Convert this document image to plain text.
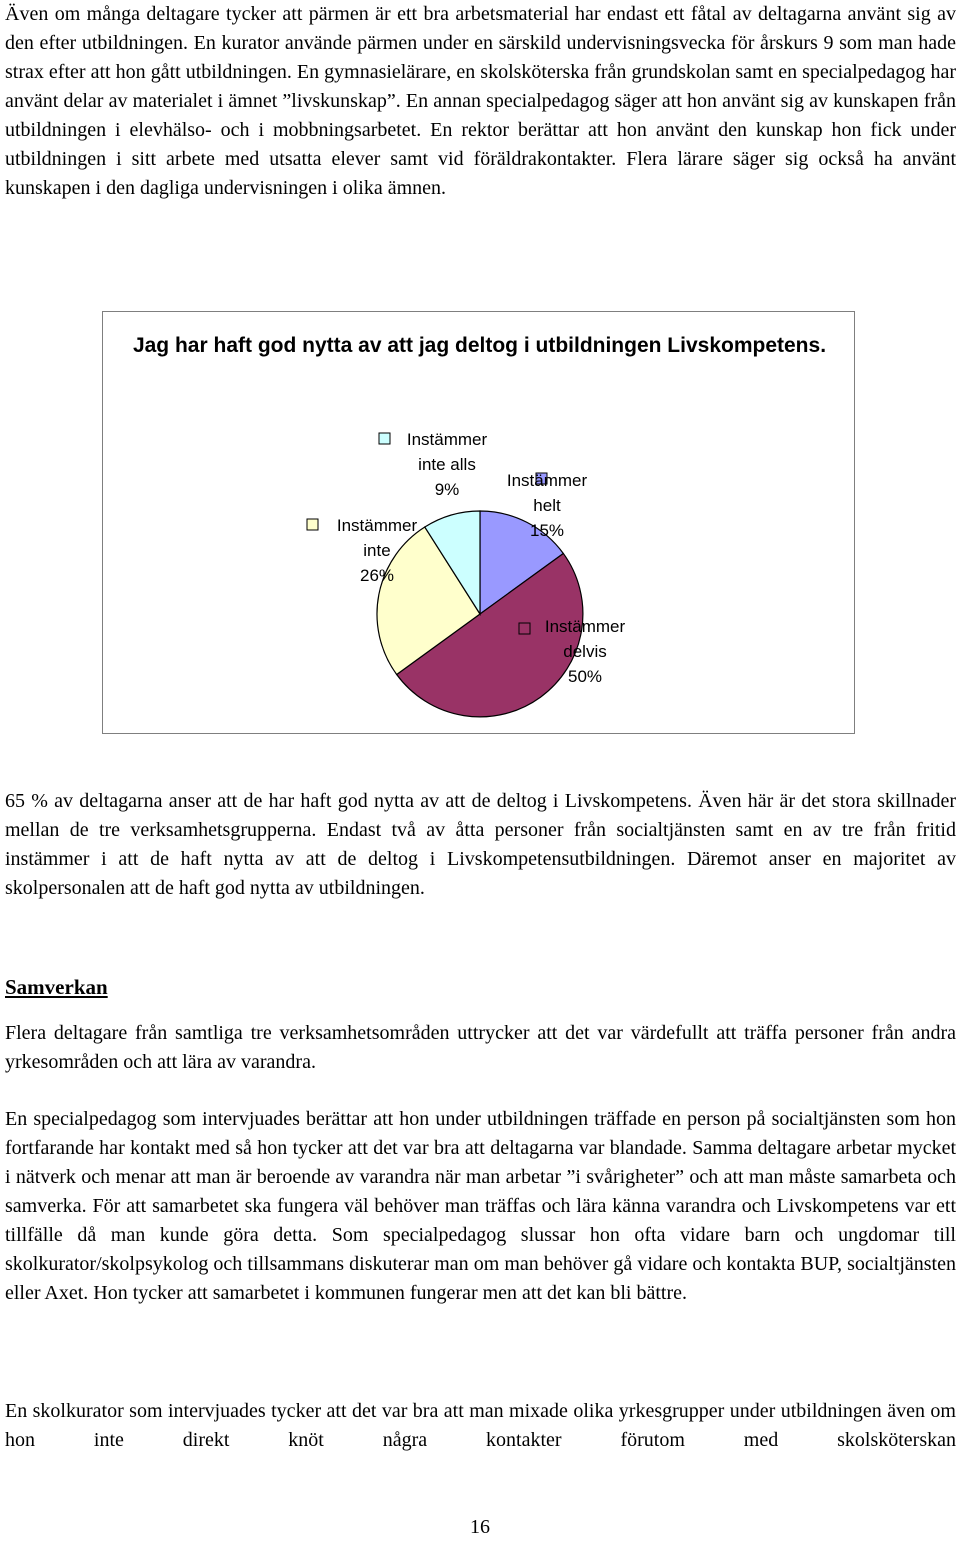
Även om många deltagare tycker att pärmen är ett bra arbetsmaterial har endast ett fåtal av deltagarna använt sig av den efter utbildningen. En kurator använde pärmen under en särskild undervisningsvecka för årskurs 9 som man hade strax efter att hon gått utbildningen. En gymnasielärare, en skolsköterska från grundskolan samt en specialpedagog har använt delar av materialet i ämnet ”livskunskap”. En annan specialpedagog säger att hon använt sig av kunskapen från utbildningen i elevhälso- och i mobbningsarbetet. En rektor berättar att hon använt den kunskap hon fick under utbildningen i sitt arbete med utsatta elever samt vid föräldrakontakter. Flera lärare säger sig också ha använt kunskapen i den dagliga undervisningen i olika ämnen.

Jag har haft god nytta av att jag deltog i utbildningen Livskompetens.
Instämmer helt 15%
Instämmer delvis 50%
Instämmer inte 26%
Instämmer inte alls 9%

65 % av deltagarna anser att de har haft god nytta av att de deltog i Livskompetens. Även här är det stora skillnader mellan de tre verksamhetsgrupperna. Endast två av åtta personer från socialtjänsten samt en av tre från fritid instämmer i att de haft nytta av att de deltog i Livskompetensutbildningen. Däremot anser en majoritet av skolpersonalen att de haft god nytta av utbildningen.

Samverkan

Flera deltagare från samtliga tre verksamhetsområden uttrycker att det var värdefullt att träffa personer från andra yrkesområden och att lära av varandra.

En specialpedagog som intervjuades berättar att hon under utbildningen träffade en person på socialtjänsten som hon fortfarande har kontakt med så hon tycker att det var bra att deltagarna var blandade. Samma deltagare arbetar mycket i nätverk och menar att man är beroende av varandra när man arbetar ”i svårigheter” och att man måste samarbeta och samverka. För att samarbetet ska fungera väl behöver man träffas och lära känna varandra och Livskompetens var ett tillfälle då man kunde göra detta. Som specialpedagog slussar hon ofta vidare barn och ungdomar till skolkurator/skolpsykolog och tillsammans diskuterar man om man behöver gå vidare och kontakta BUP, socialtjänsten eller Axet. Hon tycker att samarbetet i kommunen fungerar men att det kan bli bättre.

En skolkurator som intervjuades tycker att det var bra att man mixade olika yrkesgrupper under utbildningen även om hon inte direkt knöt några kontakter förutom med skolsköterskan

16
